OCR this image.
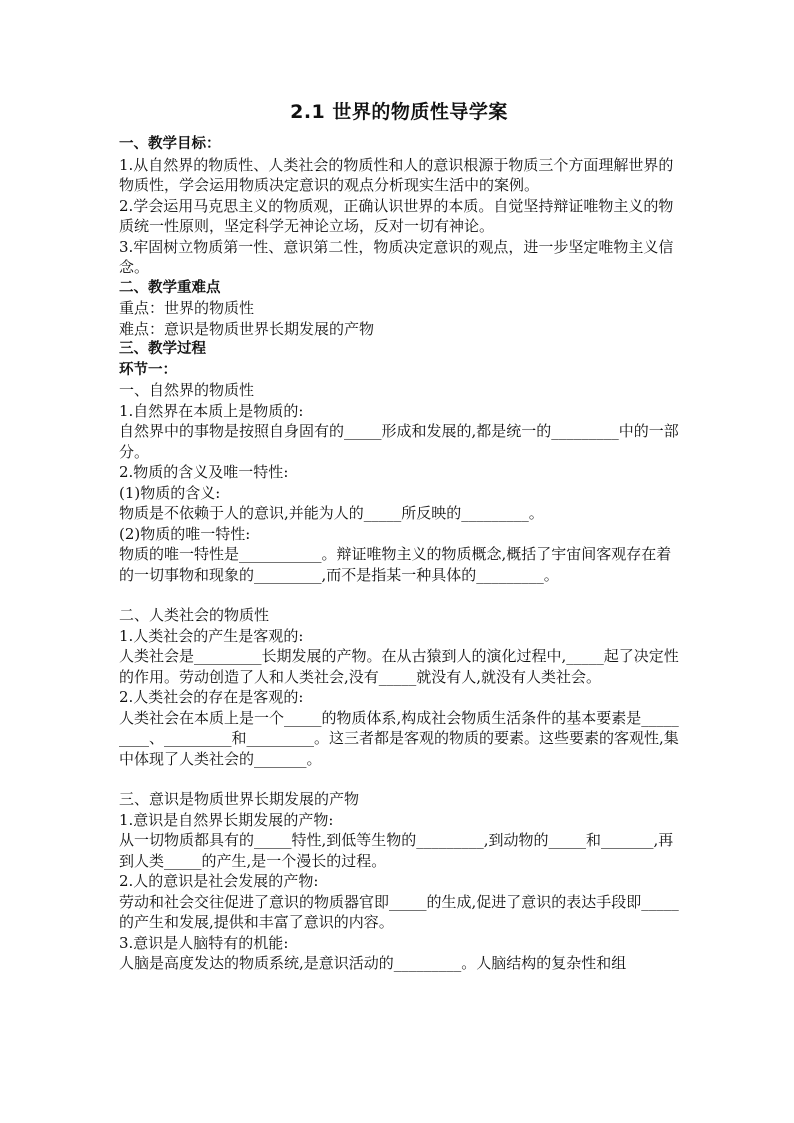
2.1 世界的物质性导学案

一、教学目标：

1.从自然界的物质性、人类社会的物质性和人的意识根源于物质三个方面理解世界的物质性，学会运用物质决定意识的观点分析现实生活中的案例。

2.学会运用马克思主义的物质观，正确认识世界的本质。自觉坚持辩证唯物主义的物质统一性原则，坚定科学无神论立场，反对一切有神论。

3.牢固树立物质第一性、意识第二性，物质决定意识的观点，进一步坚定唯物主义信念。

二、教学重难点

重点：世界的物质性

难点：意识是物质世界长期发展的产物

三、教学过程

环节一：

一、自然界的物质性

1.自然界在本质上是物质的:

自然界中的事物是按照自身固有的_____形成和发展的,都是统一的_________中的一部分。

2.物质的含义及唯一特性:

(1)物质的含义:

物质是不依赖于人的意识,并能为人的_____所反映的_________。

(2)物质的唯一特性:

物质的唯一特性是___________。辩证唯物主义的物质概念,概括了宇宙间客观存在着的一切事物和现象的_________,而不是指某一种具体的_________。

二、人类社会的物质性

1.人类社会的产生是客观的:

人类社会是_________长期发展的产物。在从古猿到人的演化过程中,_____起了决定性的作用。劳动创造了人和人类社会,没有_____就没有人,就没有人类社会。

2.人类社会的存在是客观的:

人类社会在本质上是一个_____的物质体系,构成社会物质生活条件的基本要素是_________、_________和_________。这三者都是客观的物质的要素。这些要素的客观性,集中体现了人类社会的_______。

三、意识是物质世界长期发展的产物

1.意识是自然界长期发展的产物:

从一切物质都具有的_____特性,到低等生物的_________,到动物的_____和_______,再到人类_____的产生,是一个漫长的过程。

2.人的意识是社会发展的产物:

劳动和社会交往促进了意识的物质器官即_____的生成,促进了意识的表达手段即_____的产生和发展,提供和丰富了意识的内容。

3.意识是人脑特有的机能:

人脑是高度发达的物质系统,是意识活动的_________。人脑结构的复杂性和组
